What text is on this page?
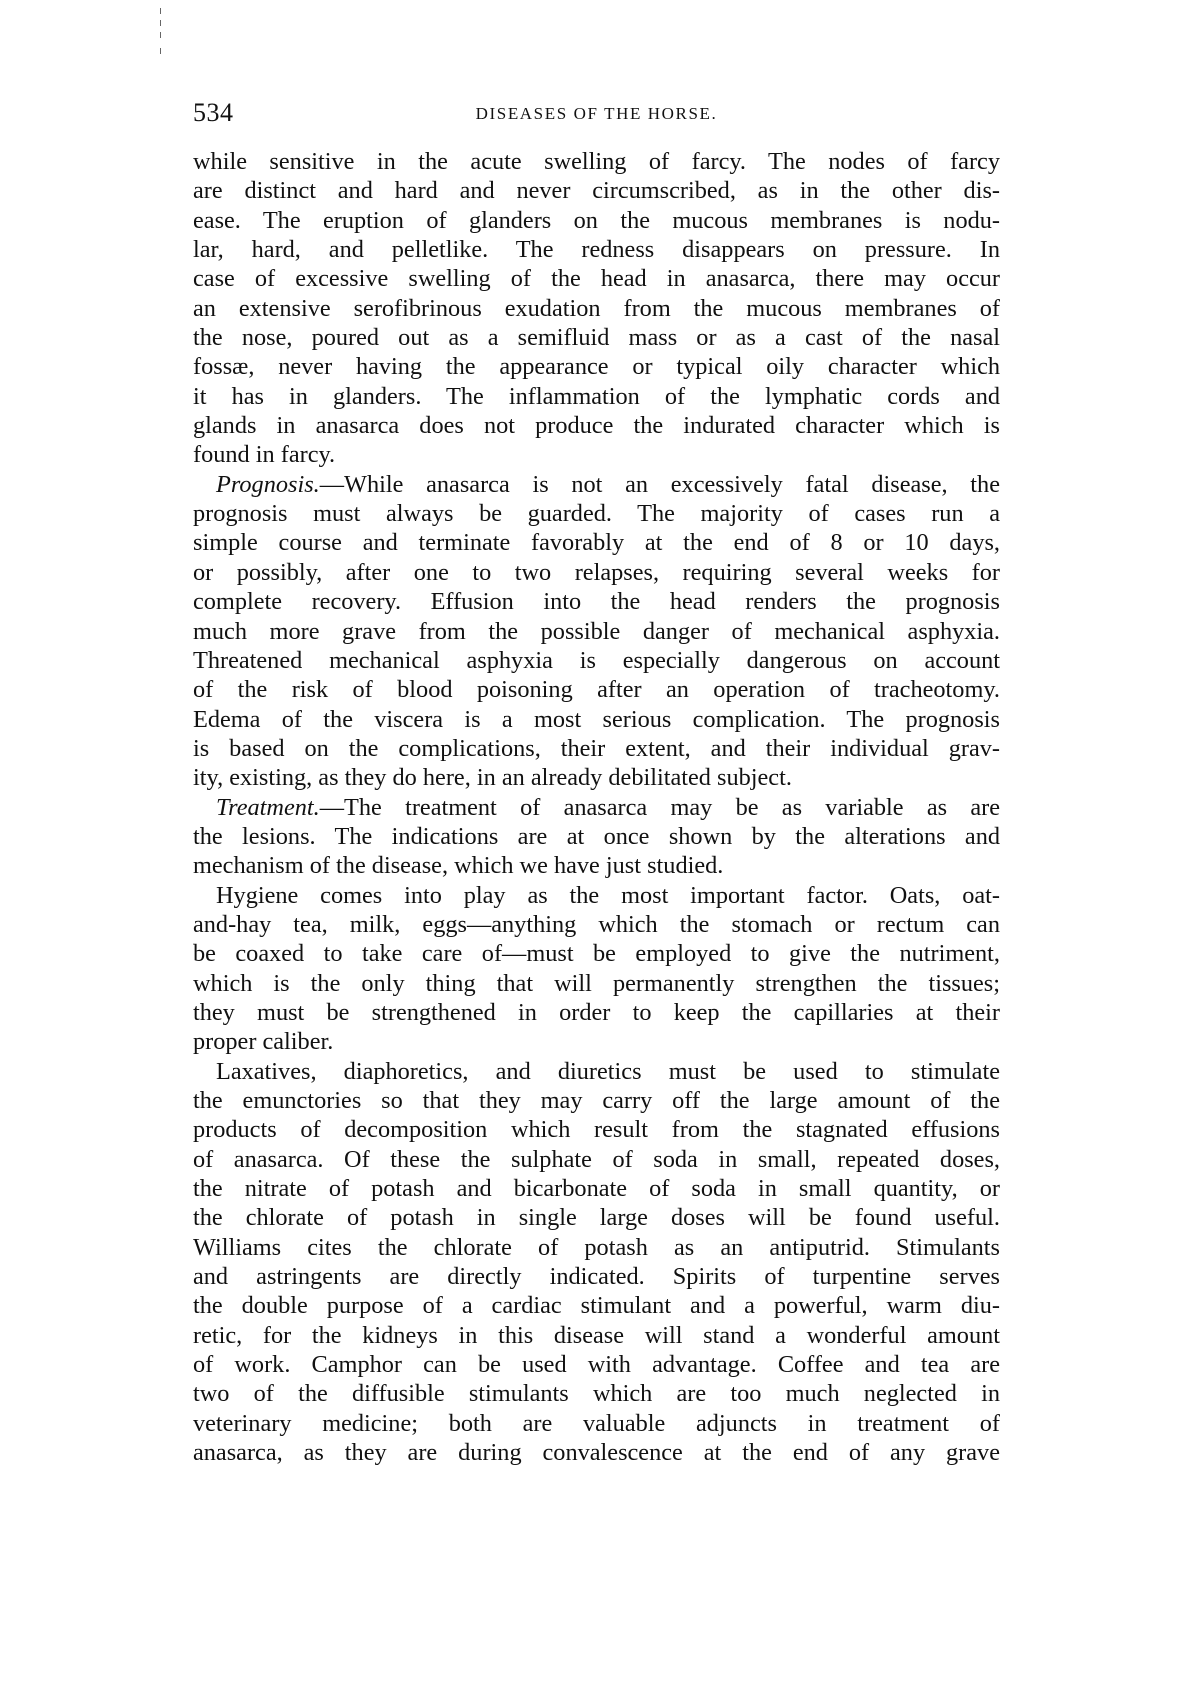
534	DISEASES OF THE HORSE.
while sensitive in the acute swelling of farcy. The nodes of farcy
are distinct and hard and never circumscribed, as in the other dis-
ease. The eruption of glanders on the mucous membranes is nodu-
lar, hard, and pelletlike. The redness disappears on pressure. In
case of excessive swelling of the head in anasarca, there may occur
an extensive serofibrinous exudation from the mucous membranes of
the nose, poured out as a semifluid mass or as a cast of the nasal
fossæ, never having the appearance or typical oily character which
it has in glanders. The inflammation of the lymphatic cords and
glands in anasarca does not produce the indurated character which is
found in farcy.
Prognosis.—While anasarca is not an excessively fatal disease, the
prognosis must always be guarded. The majority of cases run a
simple course and terminate favorably at the end of 8 or 10 days,
or possibly, after one to two relapses, requiring several weeks for
complete recovery. Effusion into the head renders the prognosis
much more grave from the possible danger of mechanical asphyxia.
Threatened mechanical asphyxia is especially dangerous on account
of the risk of blood poisoning after an operation of tracheotomy.
Edema of the viscera is a most serious complication. The prognosis
is based on the complications, their extent, and their individual grav-
ity, existing, as they do here, in an already debilitated subject.
Treatment.—The treatment of anasarca may be as variable as are
the lesions. The indications are at once shown by the alterations and
mechanism of the disease, which we have just studied.
Hygiene comes into play as the most important factor. Oats, oat-
and-hay tea, milk, eggs—anything which the stomach or rectum can
be coaxed to take care of—must be employed to give the nutriment,
which is the only thing that will permanently strengthen the tissues;
they must be strengthened in order to keep the capillaries at their
proper caliber.
Laxatives, diaphoretics, and diuretics must be used to stimulate
the emunctories so that they may carry off the large amount of the
products of decomposition which result from the stagnated effusions
of anasarca. Of these the sulphate of soda in small, repeated doses,
the nitrate of potash and bicarbonate of soda in small quantity, or
the chlorate of potash in single large doses will be found useful.
Williams cites the chlorate of potash as an antiputrid. Stimulants
and astringents are directly indicated. Spirits of turpentine serves
the double purpose of a cardiac stimulant and a powerful, warm diu-
retic, for the kidneys in this disease will stand a wonderful amount
of work. Camphor can be used with advantage. Coffee and tea are
two of the diffusible stimulants which are too much neglected in
veterinary medicine; both are valuable adjuncts in treatment of
anasarca, as they are during convalescence at the end of any grave
